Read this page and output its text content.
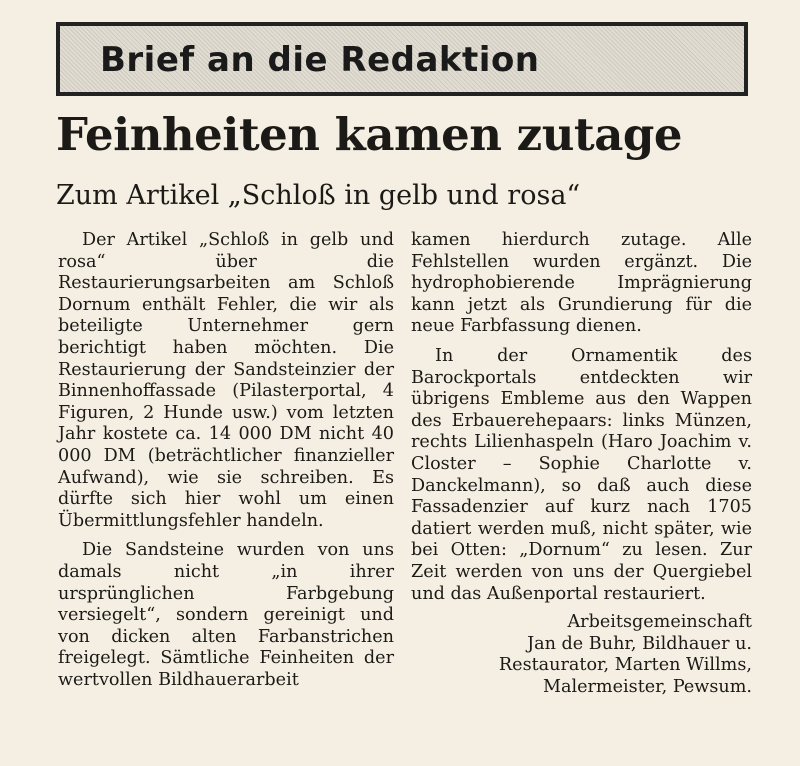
Brief an die Redaktion
Feinheiten kamen zutage
Zum Artikel „Schloß in gelb und rosa“

Der Artikel „Schloß in gelb und rosa“ über die Restaurierungsarbeiten am Schloß Dornum enthält Fehler, die wir als beteiligte Unternehmer gern berichtigt haben möchten. Die Restaurierung der Sandsteinzier der Binnenhoffassade (Pilasterportal, 4 Figuren, 2 Hunde usw.) vom letzten Jahr kostete ca. 14 000 DM nicht 40 000 DM (beträchtlicher finanzieller Aufwand), wie sie schreiben. Es dürfte sich hier wohl um einen Übermittlungsfehler handeln.

Die Sandsteine wurden von uns damals nicht „in ihrer ursprünglichen Farbgebung versiegelt“, sondern gereinigt und von dicken alten Farbanstrichen freigelegt. Sämtliche Feinheiten der wertvollen Bildhauerarbeit

kamen hierdurch zutage. Alle Fehlstellen wurden ergänzt. Die hydrophobierende Imprägnierung kann jetzt als Grundierung für die neue Farbfassung dienen.

In der Ornamentik des Barockportals entdeckten wir übrigens Embleme aus den Wappen des Erbauerehepaars: links Münzen, rechts Lilienhaspeln (Haro Joachim v. Closter – Sophie Charlotte v. Danckelmann), so daß auch diese Fassadenzier auf kurz nach 1705 datiert werden muß, nicht später, wie bei Otten: „Dornum“ zu lesen. Zur Zeit werden von uns der Quergiebel und das Außenportal restauriert.

Arbeitsgemeinschaft
Jan de Buhr, Bildhauer u.
Restaurator, Marten Willms,
Malermeister, Pewsum.
